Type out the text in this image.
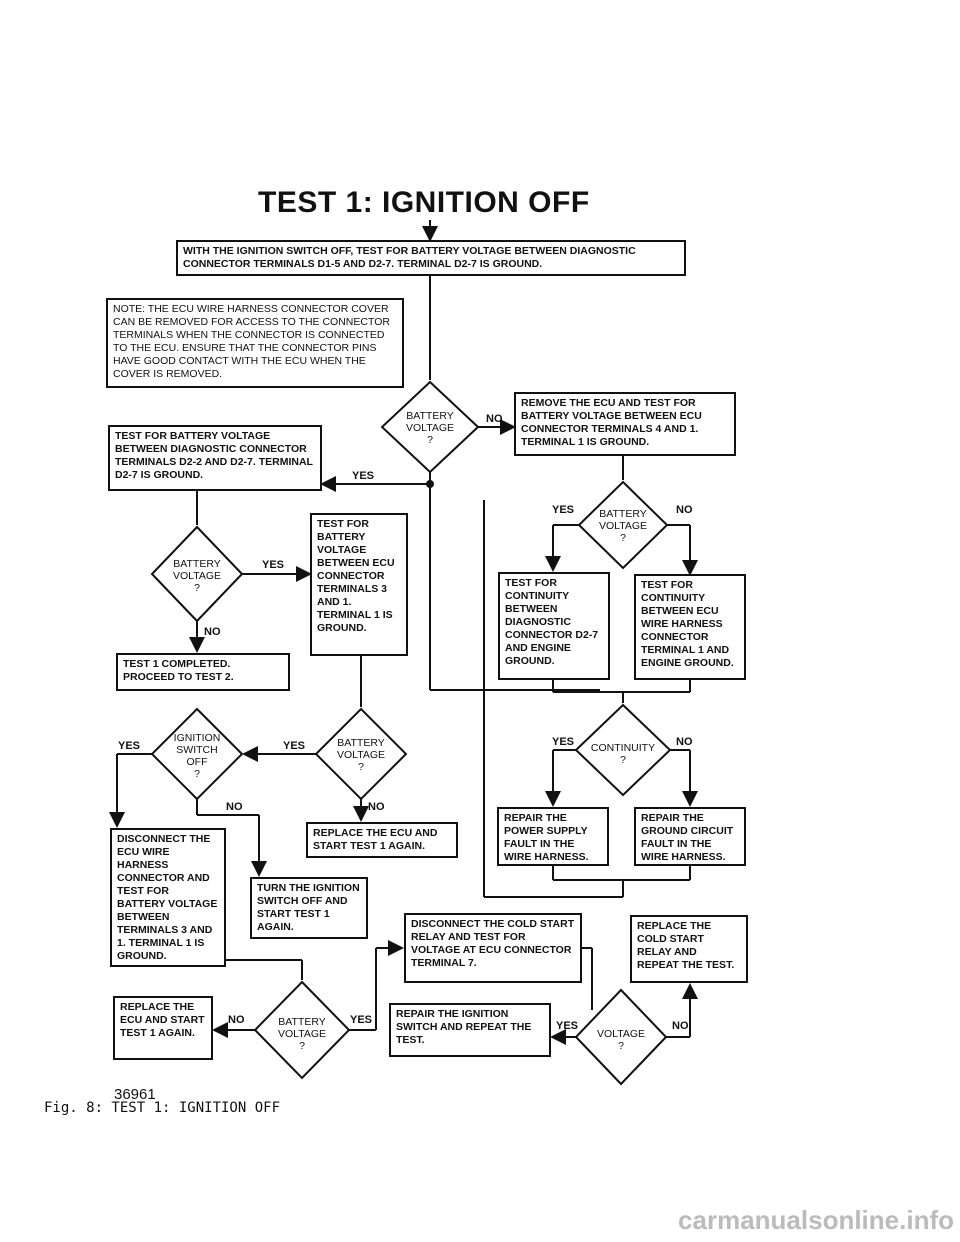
TEST 1: IGNITION OFF
WITH THE IGNITION SWITCH OFF, TEST FOR BATTERY VOLTAGE BETWEEN DIAGNOSTIC
CONNECTOR TERMINALS D1-5 AND D2-7. TERMINAL D2-7 IS GROUND.
NOTE: THE ECU WIRE HARNESS CONNECTOR COVER CAN BE REMOVED FOR ACCESS TO THE CONNECTOR TERMINALS WHEN THE CONNECTOR IS CONNECTED TO THE ECU. ENSURE THAT THE CONNECTOR PINS HAVE GOOD CONTACT WITH THE ECU WHEN THE COVER IS REMOVED.
REMOVE THE ECU AND TEST FOR BATTERY VOLTAGE BETWEEN ECU CONNECTOR TERMINALS 4 AND 1. TERMINAL 1 IS GROUND.
TEST FOR BATTERY VOLTAGE BETWEEN DIAGNOSTIC CONNECTOR TERMINALS D2-2 AND D2-7. TERMINAL D2-7 IS GROUND.
TEST FOR BATTERY VOLTAGE BETWEEN ECU CONNECTOR TERMINALS 3 AND 1. TERMINAL 1 IS GROUND.
TEST FOR CONTINUITY BETWEEN DIAGNOSTIC CONNECTOR D2-7 AND ENGINE GROUND.
TEST FOR CONTINUITY BETWEEN ECU WIRE HARNESS CONNECTOR TERMINAL 1 AND ENGINE GROUND.
TEST 1 COMPLETED.
PROCEED TO TEST 2.
REPAIR THE POWER SUPPLY FAULT IN THE WIRE HARNESS.
REPAIR THE GROUND CIRCUIT FAULT IN THE WIRE HARNESS.
REPLACE THE ECU AND START TEST 1 AGAIN.
DISCONNECT THE ECU WIRE HARNESS CONNECTOR AND TEST FOR BATTERY VOLTAGE BETWEEN TERMINALS 3 AND 1. TERMINAL 1 IS GROUND.
TURN THE IGNITION SWITCH OFF AND START TEST 1 AGAIN.	DISCONNECT THE COLD START RELAY AND TEST FOR VOLTAGE AT ECU CONNECTOR TERMINAL 7.
REPLACE THE COLD START RELAY AND REPEAT THE TEST.
REPLACE THE ECU AND START TEST 1 AGAIN.
REPAIR THE IGNITION SWITCH AND REPEAT THE TEST.
BATTERY
VOLTAGE
?
BATTERY
VOLTAGE
?
BATTERY
VOLTAGE
?
CONTINUITY
?
IGNITION
SWITCH
OFF
?
BATTERY
VOLTAGE
?
BATTERY
VOLTAGE
?
VOLTAGE
?
NO
YES
YES	NO
YES
NO
YES	NO
YES	YES
NO	NO
NO	YES	YES	NO
36961
Fig. 8: TEST 1: IGNITION OFF
carmanualsonline.info
